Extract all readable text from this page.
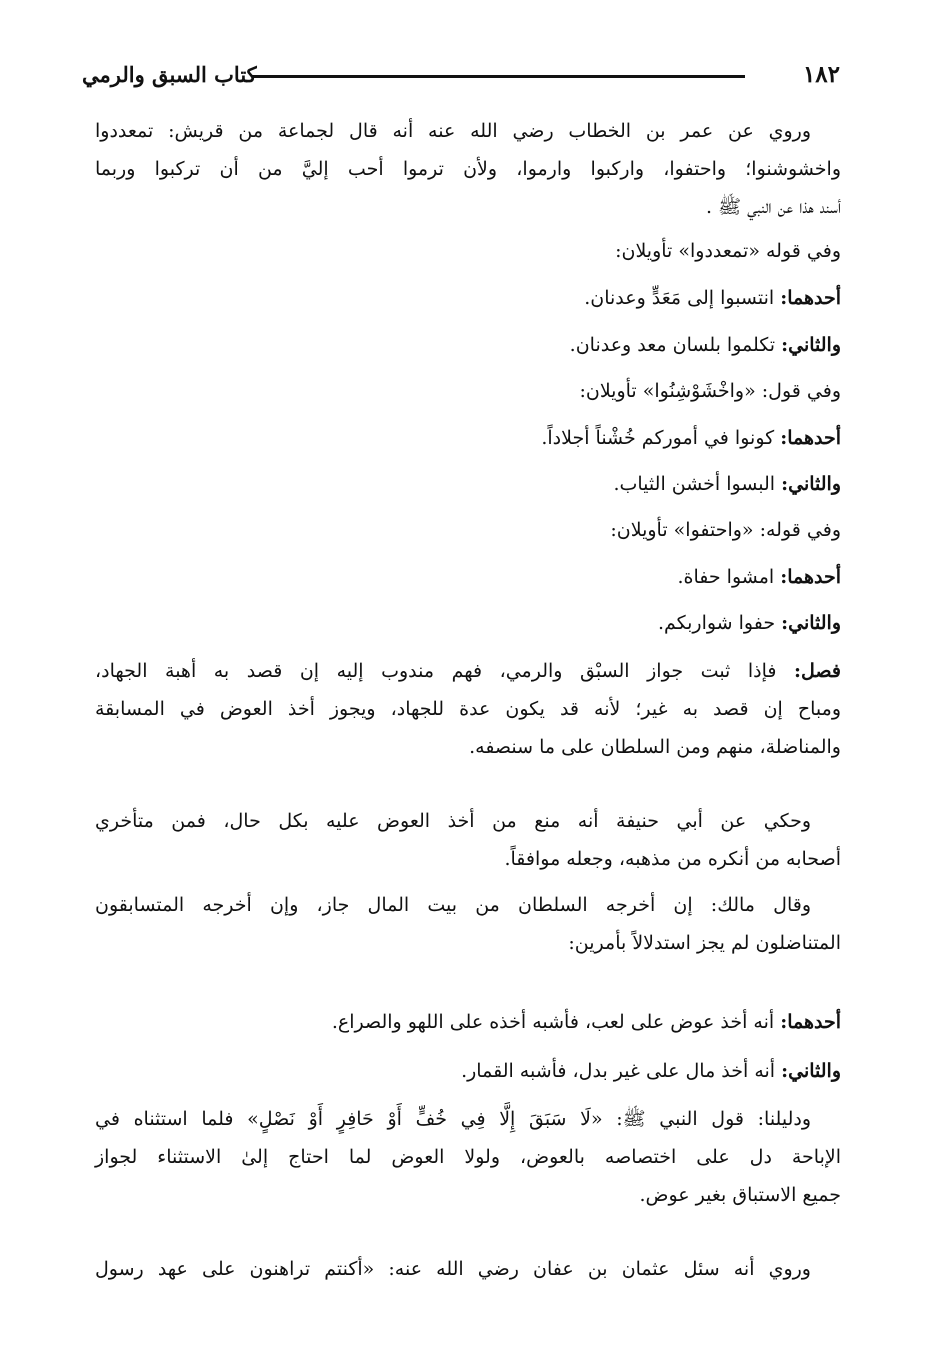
١٨٢
كتاب السبق والرمي
وروي عن عمر بن الخطاب رضي الله عنه أنه قال لجماعة من قريش: تمعددوا
واخشوشنوا؛ واحتفوا، واركبوا وارموا، ولأن ترموا أحب إليَّ من أن تركبوا وربما
أسند هذا عن النبي ﷺ .
وفي قوله «تمعددوا» تأويلان:
أحدهما:انتسبوا إلى مَعَدٍّ وعدنان.
والثاني:تكلموا بلسان معد وعدنان.
وفي قول: «واخْشَوْشِنُوا» تأويلان:
أحدهما:كونوا في أموركم خُشْناً أجلاداً.
والثاني:البسوا أخشن الثياب.
وفي قوله: «واحتفوا» تأويلان:
أحدهما:امشوا حفاة.
والثاني:حفوا شواربكم.
فصل: فإذا ثبت جواز السبْق والرمي، فهم مندوب إليه إن قصد به أهبة الجهاد،
ومباح إن قصد به غير؛ لأنه قد يكون عدة للجهاد، ويجوز أخذ العوض في المسابقة
والمناضلة، منهم ومن السلطان على ما سنصفه.
وحكي عن أبي حنيفة أنه منع من أخذ العوض عليه بكل حال، فمن متأخري
أصحابه من أنكره من مذهبه، وجعله موافقاً.
وقال مالك: إن أخرجه السلطان من بيت المال جاز، وإن أخرجه المتسابقون
المتناضلون لم يجز استدلالاً بأمرين:
أحدهما:أنه أخذ عوض على لعب، فأشبه أخذه على اللهو والصراع.
والثاني:أنه أخذ مال على غير بدل، فأشبه القمار.
ودليلنا: قول النبي ﷺ: «لَا سَبَقَ إِلَّا فِي خُفٍّ أَوْ حَافِرٍ أَوْ نَصْلٍ» فلما استثناه في
الإباحة دل على اختصاصه بالعوض، ولولا العوض لما احتاج إلىٰ الاستثناء لجواز
جميع الاستباق بغير عوض.
وروي أنه سئل عثمان بن عفان رضي الله عنه: «أكنتم تراهنون على عهد رسول
